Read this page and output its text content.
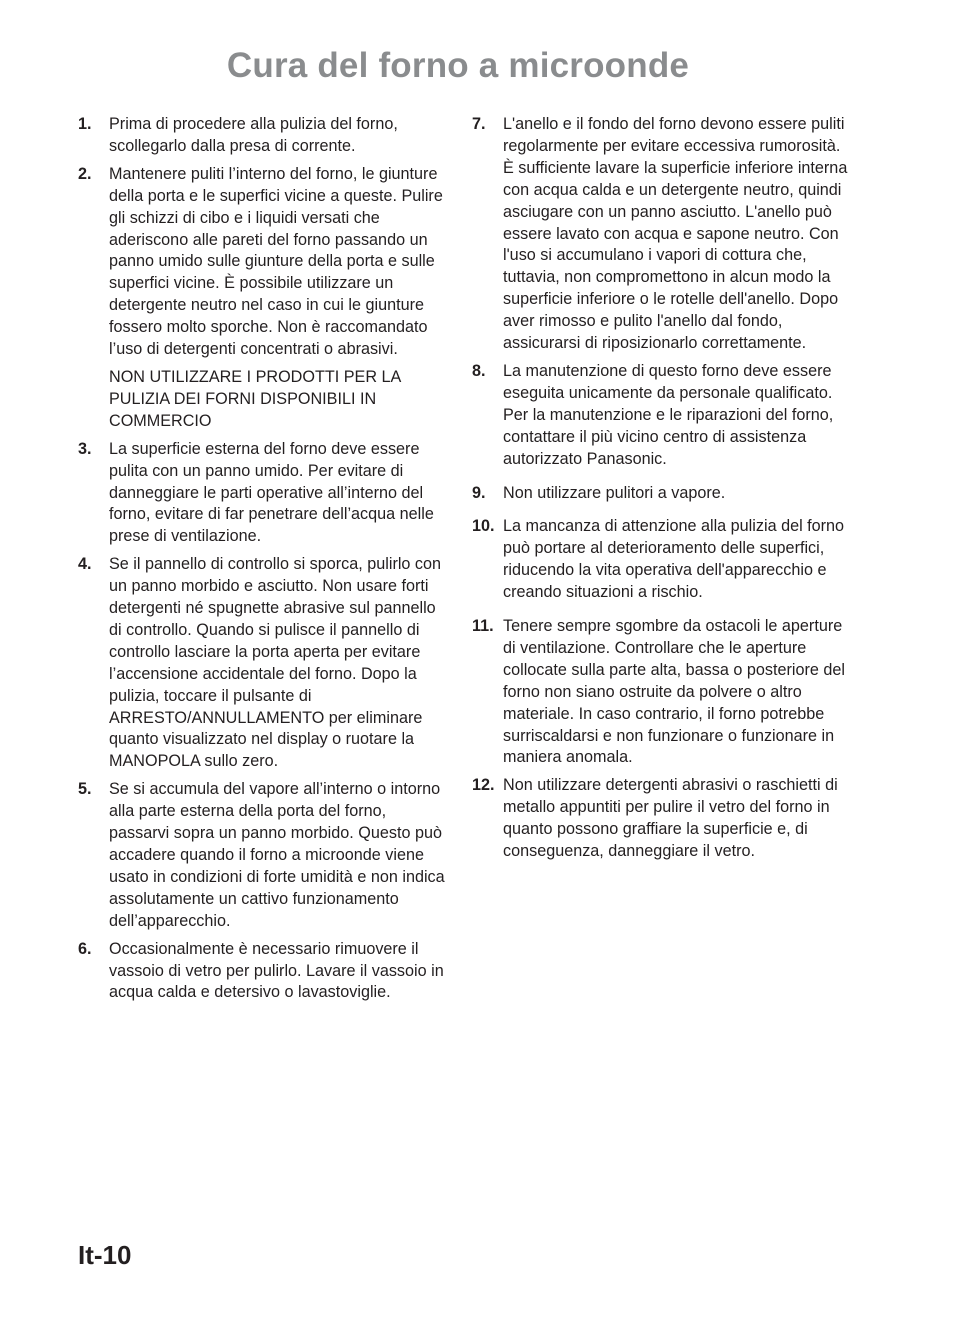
Cura del forno a microonde
1.	Prima di procedere alla pulizia del forno, scollegarlo dalla presa di corrente.

2.	Mantenere puliti l’interno del forno, le giunture della porta e le superfici vicine a queste. Pulire gli schizzi di cibo e i liquidi versati che aderiscono alle pareti del forno passando un panno umido sulle giunture della porta e sulle superfici vicine. È possibile utilizzare un detergente neutro nel caso in cui le giunture fossero molto sporche. Non è raccomandato l’uso di detergenti concentrati o abrasivi.

NON UTILIZZARE I PRODOTTI PER LA PULIZIA DEI FORNI DISPONIBILI IN COMMERCIO

3.	La superficie esterna del forno deve essere pulita con un panno umido. Per evitare di danneggiare le parti operative all’interno del forno, evitare di far penetrare dell’acqua nelle prese di ventilazione.

4.	Se il pannello di controllo si sporca, pulirlo con un panno morbido e asciutto. Non usare forti detergenti né spugnette abrasive sul pannello di controllo. Quando si pulisce il pannello di controllo lasciare la porta aperta per evitare l’accensione accidentale del forno. Dopo la pulizia, toccare il pulsante di ARRESTO/ANNULLAMENTO per eliminare quanto visualizzato nel display o ruotare la MANOPOLA sullo zero.

5.	Se si accumula del vapore all’interno o intorno alla parte esterna della porta del forno, passarvi sopra un panno morbido. Questo può accadere quando il forno a microonde viene usato in condizioni di forte umidità e non indica assolutamente un cattivo funzionamento dell’apparecchio.

6.	Occasionalmente è necessario rimuovere il vassoio di vetro per pulirlo. Lavare il vassoio in acqua calda e detersivo o lavastoviglie.

7.	L'anello e il fondo del forno devono essere puliti regolarmente per evitare eccessiva rumorosità. È sufficiente lavare la superficie inferiore interna con acqua calda e un detergente neutro, quindi asciugare con un panno asciutto. L'anello può essere lavato con acqua e sapone neutro. Con l'uso si accumulano i vapori di cottura che, tuttavia, non compromettono in alcun modo la superficie inferiore o le rotelle dell'anello. Dopo aver rimosso e pulito l'anello dal fondo, assicurarsi di riposizionarlo correttamente.

8.	La manutenzione di questo forno deve essere eseguita unicamente da personale qualificato. Per la manutenzione e le riparazioni del forno, contattare il più vicino centro di assistenza autorizzato Panasonic.

9.	Non utilizzare pulitori a vapore.

10. La mancanza di attenzione alla pulizia del forno può portare al deterioramento delle superfici, riducendo la vita operativa dell'apparecchio e creando situazioni a rischio.

11. Tenere sempre sgombre da ostacoli le aperture di ventilazione. Controllare che le aperture collocate sulla parte alta, bassa o posteriore del forno non siano ostruite da polvere o altro materiale. In caso contrario, il forno potrebbe surriscaldarsi e non funzionare o funzionare in maniera anomala.

12. Non utilizzare detergenti abrasivi o raschietti di metallo appuntiti per pulire il vetro del forno in quanto possono graffiare la superficie e, di conseguenza, danneggiare il vetro.

It-10
